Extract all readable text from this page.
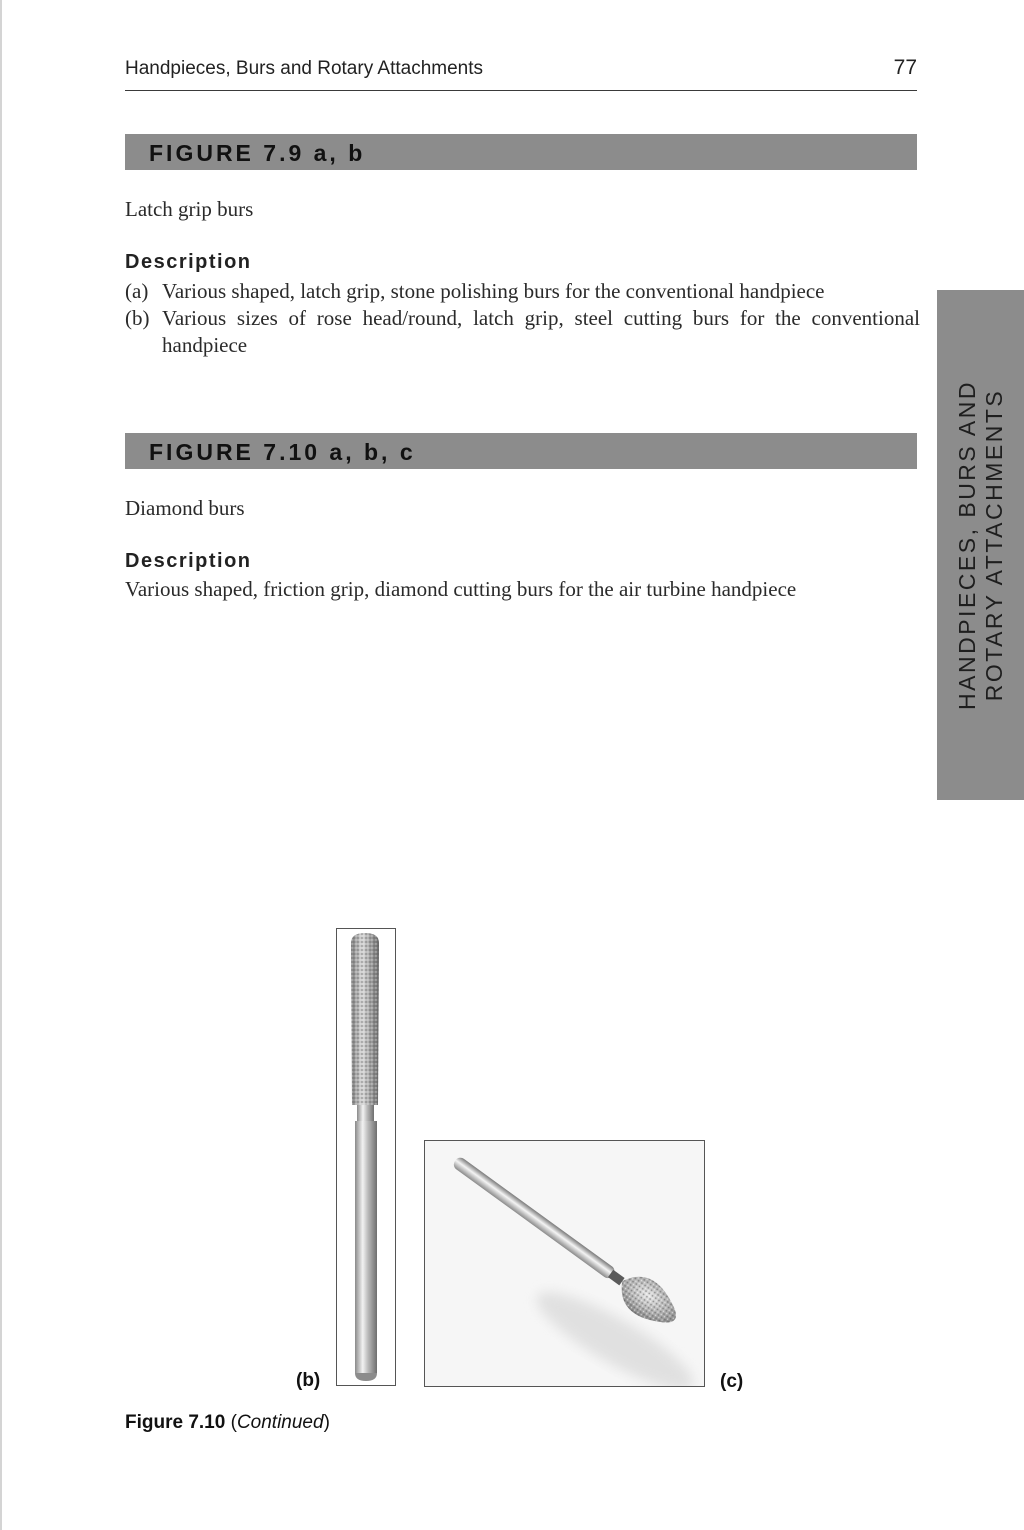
Handpieces, Burs and Rotary Attachments	77
FIGURE 7.9 a, b
Latch grip burs
Description
(a) Various shaped, latch grip, stone polishing burs for the conventional handpiece
(b) Various sizes of rose head/round, latch grip, steel cutting burs for the conventional handpiece
FIGURE 7.10 a, b, c
Diamond burs
Description
Various shaped, friction grip, diamond cutting burs for the air turbine handpiece	HANDPIECES, BURS AND ROTARY ATTACHMENTS
(b)	(c)
Figure 7.10 (Continued)
